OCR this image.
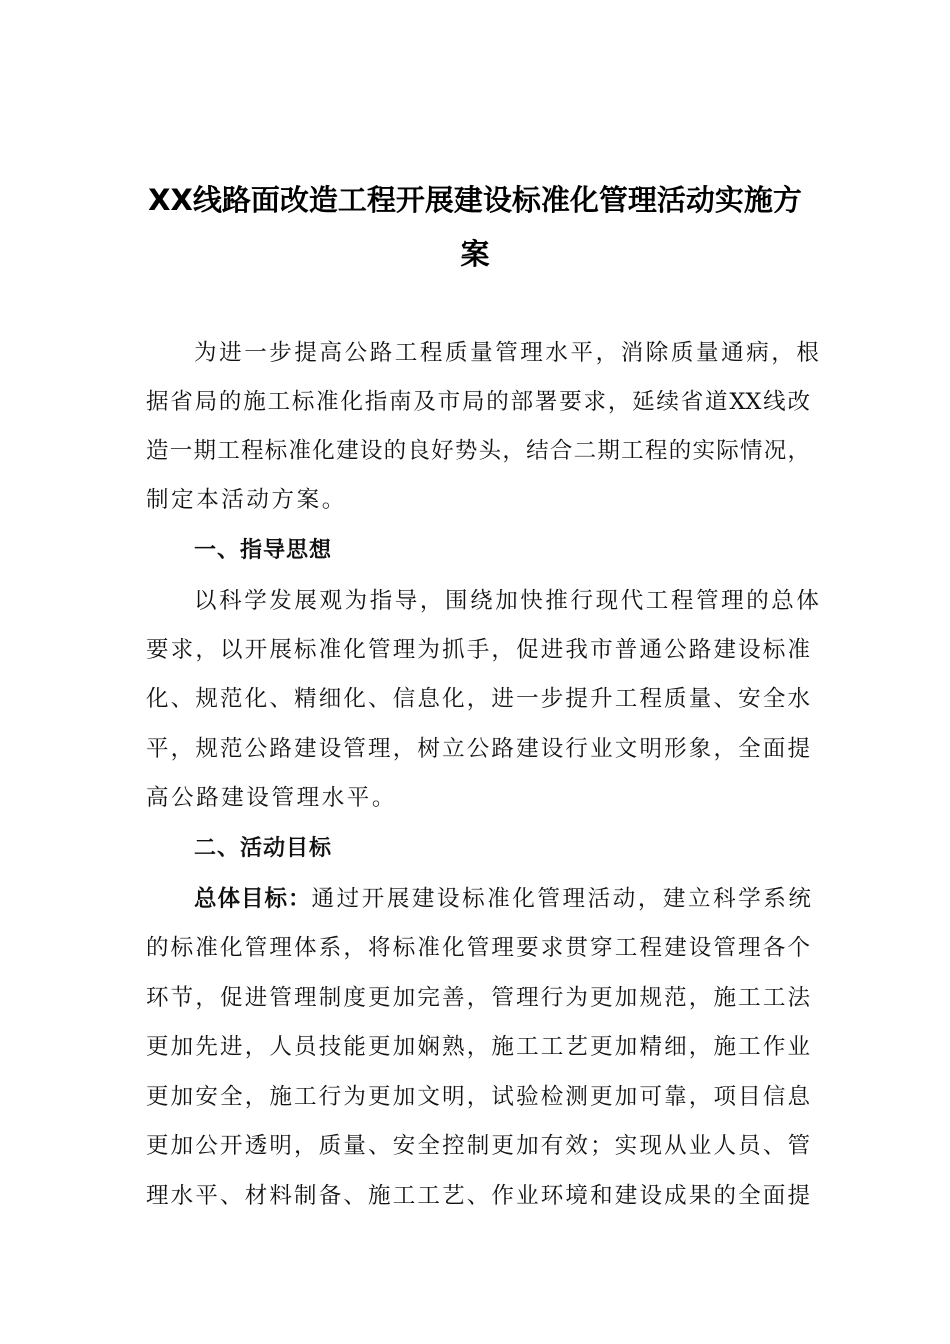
XX线路面改造工程开展建设标准化管理活动实施方
案
为进一步提高公路工程质量管理水平，消除质量通病，根
据省局的施工标准化指南及市局的部署要求，延续省道XX线改
造一期工程标准化建设的良好势头，结合二期工程的实际情况，
制定本活动方案。
一、指导思想
以科学发展观为指导，围绕加快推行现代工程管理的总体
要求，以开展标准化管理为抓手，促进我市普通公路建设标准
化、规范化、精细化、信息化，进一步提升工程质量、安全水
平，规范公路建设管理，树立公路建设行业文明形象，全面提
高公路建设管理水平。
二、活动目标
总体目标：通过开展建设标准化管理活动，建立科学系统
的标准化管理体系，将标准化管理要求贯穿工程建设管理各个
环节，促进管理制度更加完善，管理行为更加规范，施工工法
更加先进，人员技能更加娴熟，施工工艺更加精细，施工作业
更加安全，施工行为更加文明，试验检测更加可靠，项目信息
更加公开透明，质量、安全控制更加有效；实现从业人员、管
理水平、材料制备、施工工艺、作业环境和建设成果的全面提
